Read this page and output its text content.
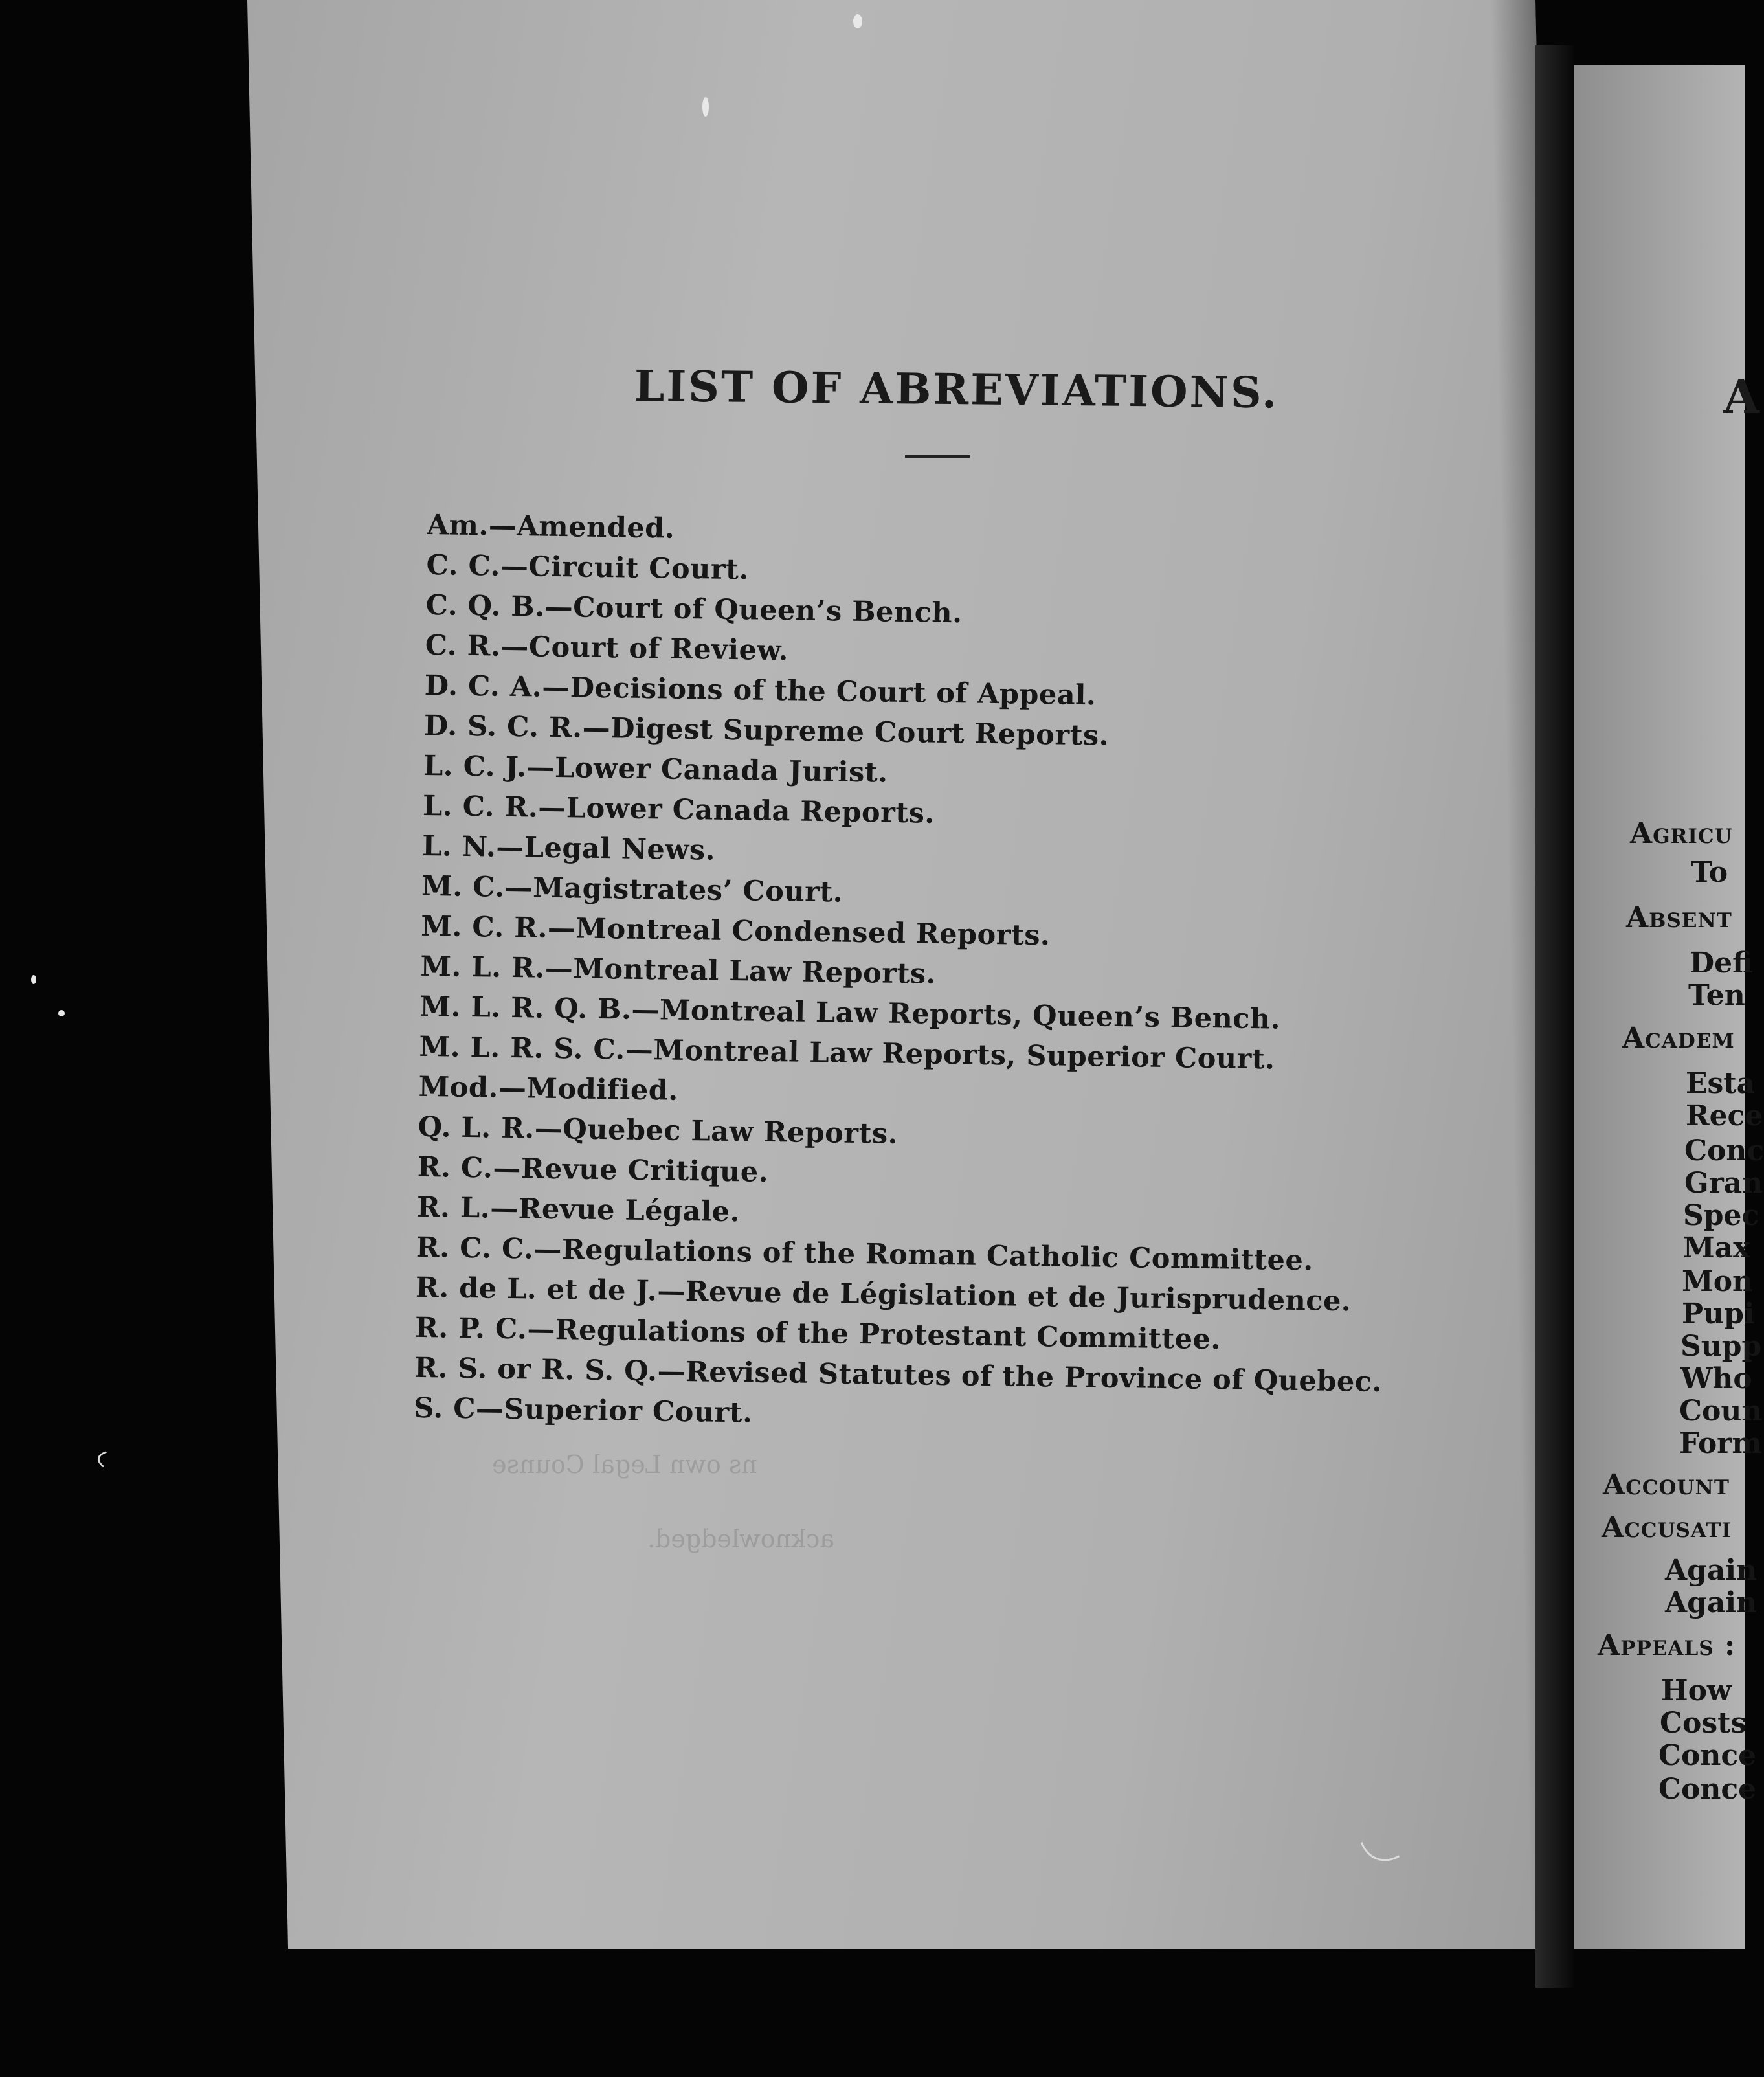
ns own Legal Counse
acknowledged.
LIST OF ABREVIATIONS.
Am.—Amended.
C. C.—Circuit Court.
C. Q. B.—Court of Queen’s Bench.
C. R.—Court of Review.
D. C. A.—Decisions of the Court of Appeal.
D. S. C. R.—Digest Supreme Court Reports.
L. C. J.—Lower Canada Jurist.
L. C. R.—Lower Canada Reports.
L. N.—Legal News.
M. C.—Magistrates’ Court.
M. C. R.—Montreal Condensed Reports.
M. L. R.—Montreal Law Reports.
M. L. R. Q. B.—Montreal Law Reports, Queen’s Bench.
M. L. R. S. C.—Montreal Law Reports, Superior Court.
Mod.—Modified.
Q. L. R.—Quebec Law Reports.
R. C.—Revue Critique.
R. L.—Revue Légale.
R. C. C.—Regulations of the Roman Catholic Committee.
R. de L. et de J.—Revue de Législation et de Jurisprudence.
R. P. C.—Regulations of the Protestant Committee.
R. S. or R. S. Q.—Revised Statutes of the Province of Quebec.
S. C—Superior Court.
A
Agricu
To
Absent
Defi
Ten
Academ
Esta
Rece
Conc
Gran
Spec
Max
Mon
Pupi
Supp
Who
Coun
Form
Account
Accusati
Again
Again
Appeals :
How
Costs
Conce
Conce
